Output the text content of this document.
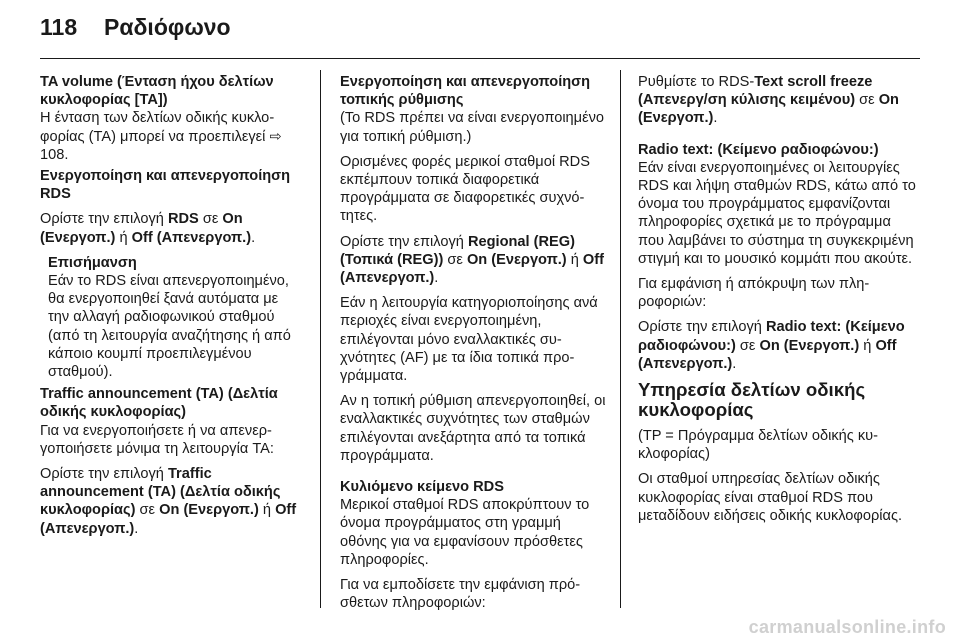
118 Ραδιόφωνο

TA volume (Ένταση ήχου δελτίων κυκλοφορίας [TA])

Η ένταση των δελτίων οδικής κυκλοφορίας (TA) μπορεί να προεπιλεγεί ⇨ 108.

Ενεργοποίηση και απενεργοποίηση RDS

Ορίστε την επιλογή RDS σε On (Ενεργοπ.) ή Off (Απενεργοπ.).

Επισήμανση
Εάν το RDS είναι απενεργοποιημένο, θα ενεργοποιηθεί ξανά αυτόματα με την αλλαγή ραδιοφωνικού σταθμού (από τη λειτουργία αναζήτησης ή από κάποιο κουμπί προεπιλεγμένου σταθμού).

Traffic announcement (TA) (Δελτία οδικής κυκλοφορίας)

Για να ενεργοποιήσετε ή να απενεργοποιήσετε μόνιμα τη λειτουργία TA:

Ορίστε την επιλογή Traffic announcement (TA) (Δελτία οδικής κυκλοφορίας) σε On (Ενεργοπ.) ή Off (Απενεργοπ.).

Ενεργοποίηση και απενεργοποίηση τοπικής ρύθμισης

(Το RDS πρέπει να είναι ενεργοποιημένο για τοπική ρύθμιση.)

Ορισμένες φορές μερικοί σταθμοί RDS εκπέμπουν τοπικά διαφορετικά προγράμματα σε διαφορετικές συχνότητες.

Ορίστε την επιλογή Regional (REG) (Τοπικά (REG)) σε On (Ενεργοπ.) ή Off (Απενεργοπ.).

Εάν η λειτουργία κατηγοριοποίησης ανά περιοχές είναι ενεργοποιημένη, επιλέγονται μόνο εναλλακτικές συχνότητες (AF) με τα ίδια τοπικά προγράμματα.

Αν η τοπική ρύθμιση απενεργοποιηθεί, οι εναλλακτικές συχνότητες των σταθμών επιλέγονται ανεξάρτητα από τα τοπικά προγράμματα.

Κυλιόμενο κείμενο RDS

Μερικοί σταθμοί RDS αποκρύπτουν το όνομα προγράμματος στη γραμμή οθόνης για να εμφανίσουν πρόσθετες πληροφορίες.

Για να εμποδίσετε την εμφάνιση πρόσθετων πληροφοριών:

Ρυθμίστε το RDS-Text scroll freeze (Απενεργ/ση κύλισης κειμένου) σε On (Ενεργοπ.).

Radio text: (Κείμενο ραδιοφώνου:)

Εάν είναι ενεργοποιημένες οι λειτουργίες RDS και λήψη σταθμών RDS, κάτω από το όνομα του προγράμματος εμφανίζονται πληροφορίες σχετικά με το πρόγραμμα που λαμβάνει το σύστημα τη συγκεκριμένη στιγμή και το μουσικό κομμάτι που ακούτε.

Για εμφάνιση ή απόκρυψη των πληροφοριών:

Ορίστε την επιλογή Radio text: (Κείμενο ραδιοφώνου:) σε On (Ενεργοπ.) ή Off (Απενεργοπ.).

Υπηρεσία δελτίων οδικής κυκλοφορίας

(TP = Πρόγραμμα δελτίων οδικής κυκλοφορίας)

Οι σταθμοί υπηρεσίας δελτίων οδικής κυκλοφορίας είναι σταθμοί RDS που μεταδίδουν ειδήσεις οδικής κυκλοφορίας.

carmanualsonline.info
